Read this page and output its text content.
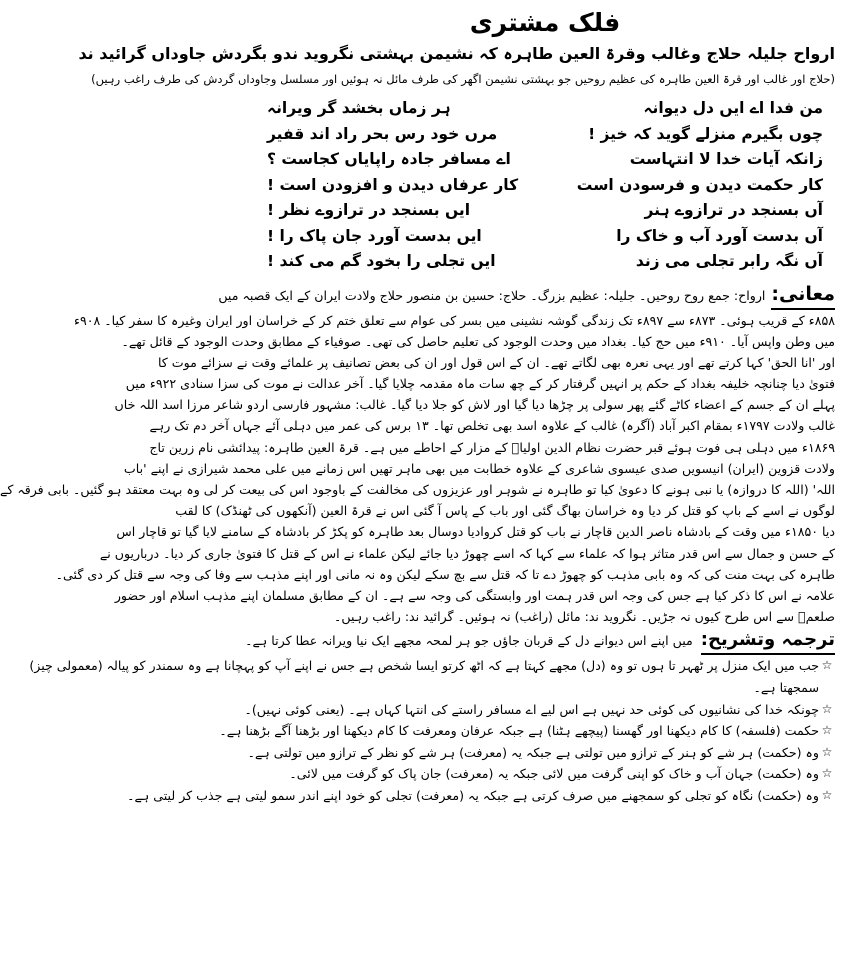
فلک مشتری
ارواح جلیلہ حلاج وغالب وقرۃ العین طاہرہ کہ نشیمن بہشتی نگروید ندو بگردش جاوداں گرائید ند
(حلاج اور غالب اور قرۃ العین طاہرہ کی عظیم روحیں جو بہشتی نشیمن اگھر کی طرف مائل نہ ہوئیں اور مسلسل وجاوداں گردش کی طرف راغب رہیں)
من فدا اے ایں دل دیوانہ
ہر زماں بخشد گر ویرانہ
چوں بگیرم منزلے گوید کہ خیز !
مرں خود رس بحر راد اند قفیر
زانکہ آیات خدا لا انتہاست
اے مسافر جادہ راپایاں کجاست ؟
کار حکمت دیدن و فرسودن است
کار عرفاں دیدن و افزودن است !
آں بسنجد در ترازوے ہنر
ایں بسنجد در ترازوے نظر !
آں بدست آورد آب و خاک را
ایں بدست آورد جان پاک را !
آں نگہ رابر تجلی می زند
ایں تجلی را بخود گم می کند !
معانی:
ارواح: جمع روح روحیں۔ جلیلہ: عظیم بزرگ۔ حلاج: حسین بن منصور حلاج ولادت ایران کے ایک قصبہ میں
۸۵۸ء کے قریب ہوئی۔ ۸۷۳ء سے ۸۹۷ء تک زندگی گوشہ نشینی میں بسر کی عوام سے تعلق ختم کر کے خراسان اور ایران وغیرہ کا سفر کیا۔ ۹۰۸ء
میں وطن واپس آیا۔ ۹۱۰ء میں حج کیا۔ بغداد میں وحدت الوجود کی تعلیم حاصل کی تھی۔ صوفیاء کے مطابق وحدت الوجود کے قائل تھے۔
اور 'انا الحق' کہا کرتے تھے اور یہی نعرہ بھی لگاتے تھے۔ ان کے اس قول اور ان کی بعض تصانیف پر علمائے وقت نے سزائے موت کا
فتویٰ دیا چنانچہ خلیفہ بغداد کے حکم پر انہیں گرفتار کر کے چھ سات ماہ مقدمہ چلایا گیا۔ آخر عدالت نے موت کی سزا سنادی ۹۲۲ء میں
پہلے ان کے جسم کے اعضاء کاٹے گئے پھر سولی پر چڑھا دیا گیا اور لاش کو جلا دیا گیا۔ غالب: مشہور فارسی اردو شاعر مرزا اسد اللہ خاں
غالب ولادت ۱۷۹۷ء بمقام اکبر آباد (آگرہ) غالب کے علاوہ اسد بھی تخلص تھا۔ ۱۳ برس کی عمر میں دہلی آئے جہاں آخر دم تک رہے
۱۸۶۹ء میں دہلی ہی فوت ہوئے قبر حضرت نظام الدین اولیاؒ کے مزار کے احاطے میں ہے۔ قرۃ العین طاہرہ: پیدائشی نام زرین تاج
ولادت قزوین (ایران) انیسویں صدی عیسوی شاعری کے علاوہ خطابت میں بھی ماہر تھیں اس زمانے میں علی محمد شیرازی نے اپنے 'باب
اللہ' (اللہ کا دروازہ) یا نبی ہونے کا دعویٰ کیا تو طاہرہ نے شوہر اور عزیزوں کی مخالفت کے باوجود اس کی بیعت کر لی وہ بہت معتقد ہو گئیں۔ بابی فرقہ کے
لوگوں نے اسے کے باپ کو قتل کر دیا وہ خراسان بھاگ گئی اور باب کے پاس آ گئی اس نے قرۃ العین (آنکھوں کی ٹھنڈک) کا لقب
دیا ۱۸۵۰ء میں وقت کے بادشاہ ناصر الدین قاچار نے باب کو قتل کروادیا دوسال بعد طاہرہ کو پکڑ کر بادشاہ کے سامنے لایا گیا تو قاچار اس
کے حسن و جمال سے اس قدر متاثر ہوا کہ علماء سے کہا کہ اسے چھوڑ دیا جائے لیکن علماء نے اس کے قتل کا فتویٰ جاری کر دیا۔ درباریوں نے
طاہرہ کی بہت منت کی کہ وہ بابی مذہب کو چھوڑ دے تا کہ قتل سے بچ سکے لیکن وہ نہ مانی اور اپنے مذہب سے وفا کی وجہ سے قتل کر دی گئی۔
علامہ نے اس کا ذکر کیا ہے جس کی وجہ اس قدر ہمت اور وابستگی کی وجہ سے ہے۔ ان کے مطابق مسلمان اپنے مذہب اسلام اور حضور
صلعمؐ سے اس طرح کیوں نہ جڑیں۔ نگروید ند: مائل (راغب) نہ ہوئیں۔ گرائید ند: راغب رہیں۔
ترجمہ وتشریح:
میں اپنے اس دیوانے دل کے قربان جاؤں جو ہر لمحہ مجھے ایک نیا ویرانہ عطا کرتا ہے۔
☆
جب میں ایک منزل پر ٹھہر تا ہوں تو وہ (دل) مجھے کہتا ہے کہ اٹھ کرتو ایسا شخص ہے جس نے اپنے آپ کو پہچانا ہے وہ سمندر کو پیالہ (معمولی چیز)
سمجھتا ہے۔
☆
چونکہ خدا کی نشانیوں کی کوئی حد نہیں ہے اس لیے اے مسافر راستے کی انتہا کہاں ہے۔ (یعنی کوئی نہیں)۔
☆
حکمت (فلسفہ) کا کام دیکھنا اور گھسنا (پیچھے ہٹنا) ہے جبکہ عرفان ومعرفت کا کام دیکھنا اور بڑھنا آگے بڑھنا ہے۔
☆
وہ (حکمت) ہر شے کو ہنر کے ترازو میں تولتی ہے جبکہ یہ (معرفت) ہر شے کو نظر کے ترازو میں تولتی ہے۔
☆
وہ (حکمت) جہان آب و خاک کو اپنی گرفت میں لائی جبکہ یہ (معرفت) جان پاک کو گرفت میں لائی۔
☆
وہ (حکمت) نگاہ کو تجلی کو سمجھنے میں صرف کرتی ہے جبکہ یہ (معرفت) تجلی کو خود اپنے اندر سمو لیتی ہے جذب کر لیتی ہے۔
